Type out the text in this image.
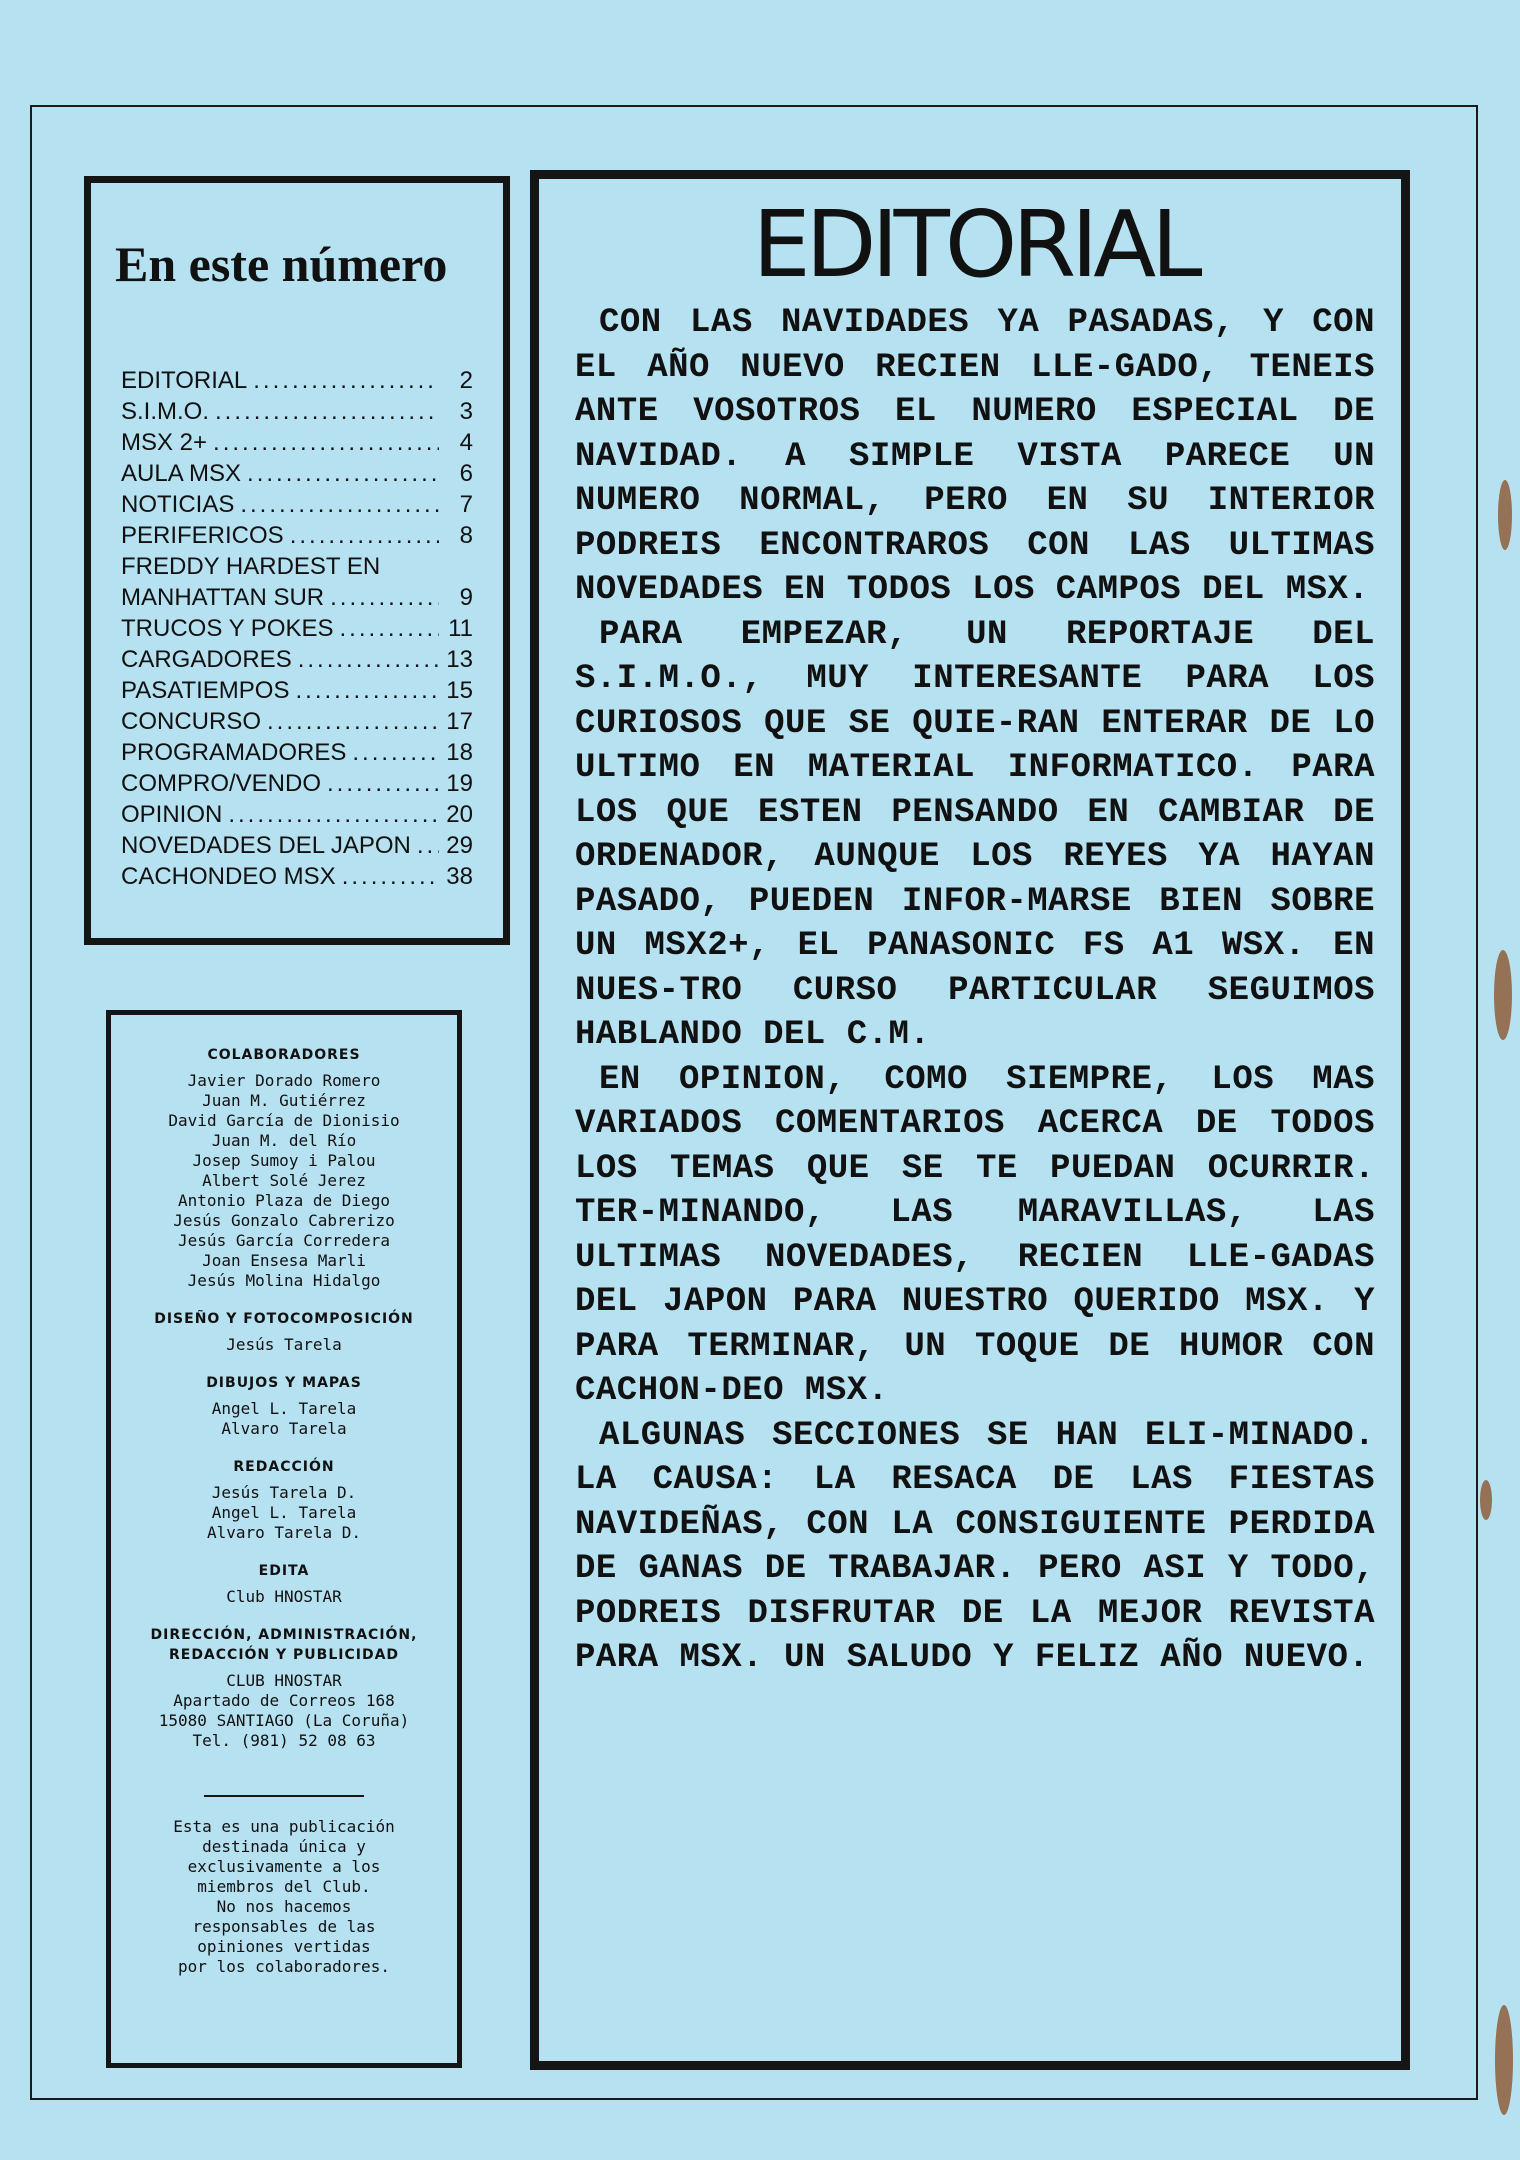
En este número
EDITORIAL .....	2
S.I.M.O. .....	3
MSX 2+ .....	4
AULA MSX .....	6
NOTICIAS .....	7
PERIFERICOS .....	8
FREDDY HARDEST EN
MANHATTAN SUR .....	9
TRUCOS Y POKES .....	11
CARGADORES .....	13
PASATIEMPOS .....	15
CONCURSO .....	17
PROGRAMADORES .....	18
COMPRO/VENDO .....	19
OPINION .....	20
NOVEDADES DEL JAPON ..... 29
CACHONDEO MSX .....	38

COLABORADORES

Javier Dorado Romero

Juan M. Gutiérrez

David García de Dionisio

Juan M. del Río

Josep Sumoy i Palou

Albert Solé Jerez

Antonio Plaza de Diego

Jesús Gonzalo Cabrerizo

Jesús García Corredera

Joan Ensesa Marli

Jesús Molina Hidalgo

DISEÑO Y FOTOCOMPOSICIÓN

Jesús Tarela

DIBUJOS Y MAPAS

Angel L. Tarela

Alvaro Tarela

REDACCIÓN

Jesús Tarela D.

Angel L. Tarela

Alvaro Tarela D.

EDITA

Club HNOSTAR

DIRECCIÓN, ADMINISTRACIÓN,

REDACCIÓN Y PUBLICIDAD

CLUB HNOSTAR

Apartado de Correos 168

15080 SANTIAGO (La Coruña)

Tel. (981) 52 08 63

Esta es una publicación

destinada única y

exclusivamente a los

miembros del Club.

No nos hacemos

responsables de las

opiniones vertidas

por los colaboradores.

EDITORIAL

CON LAS NAVIDADES YA PASADAS, Y CON EL AÑO NUEVO RECIEN LLE-GADO, TENEIS ANTE VOSOTROS EL NUMERO ESPECIAL DE NAVIDAD. A SIMPLE VISTA PARECE UN NUMERO NORMAL, PERO EN SU INTERIOR PODREIS ENCONTRAROS CON LAS ULTIMAS NOVEDADES EN TODOS LOS CAMPOS DEL MSX.

PARA EMPEZAR, UN REPORTAJE DEL S.I.M.O., MUY INTERESANTE PARA LOS CURIOSOS QUE SE QUIE-RAN ENTERAR DE LO ULTIMO EN MATERIAL INFORMATICO. PARA LOS QUE ESTEN PENSANDO EN CAMBIAR DE ORDENADOR, AUNQUE LOS REYES YA HAYAN PASADO, PUEDEN INFOR-MARSE BIEN SOBRE UN MSX2+, EL PANASONIC FS A1 WSX. EN NUES-TRO CURSO PARTICULAR SEGUIMOS HABLANDO DEL C.M.

EN OPINION, COMO SIEMPRE, LOS MAS VARIADOS COMENTARIOS ACERCA DE TODOS LOS TEMAS QUE SE TE PUEDAN OCURRIR. TER-MINANDO, LAS MARAVILLAS, LAS ULTIMAS NOVEDADES, RECIEN LLE-GADAS DEL JAPON PARA NUESTRO QUERIDO MSX. Y PARA TERMINAR, UN TOQUE DE HUMOR CON CACHON-DEO MSX.

ALGUNAS SECCIONES SE HAN ELI-MINADO. LA CAUSA: LA RESACA DE LAS FIESTAS NAVIDEÑAS, CON LA CONSIGUIENTE PERDIDA DE GANAS DE TRABAJAR. PERO ASI Y TODO, PODREIS DISFRUTAR DE LA MEJOR REVISTA PARA MSX. UN SALUDO Y FELIZ AÑO NUEVO.
